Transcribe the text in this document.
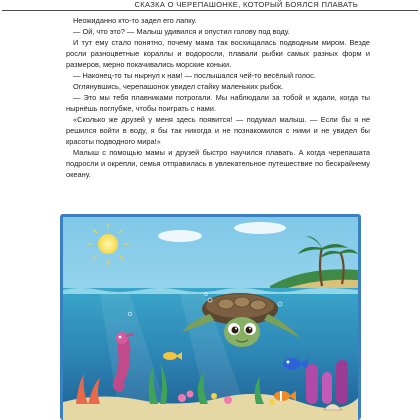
СКАЗКА О ЧЕРЕПАШОНКЕ, КОТОРЫЙ БОЯЛСЯ ПЛАВАТЬ

Неожиданно кто-то задел его лапку.

— Ой, что это? — Малыш удивился и опустил голову под воду.

И тут ему стало понятно, почему мама так восхищалась подводным миром. Везде росли разноцветные кораллы и водоросли, плавали рыбки самых разных форм и размеров, мерно покачивались морские коньки.

— Наконец-то ты нырнул к нам! — послышался чей-то весёлый голос.

Оглянувшись, черепашонок увидел стайку маленьких рыбок.

— Это мы тебя плавниками потрогали. Мы наблюдали за тобой и ждали, когда ты нырнёшь поглубже, чтобы поиграть с нами.

«Сколько же друзей у меня здесь появится! — подумал малыш. — Если бы я не решился войти в воду, я бы так никогда и не познакомился с ними и не увидел бы красоты подводного мира!»

Малыш с помощью мамы и друзей быстро научился плавать. А когда черепашата подросли и окрепли, семья отправилась в увлекательное путешествие по бескрайнему океану.
